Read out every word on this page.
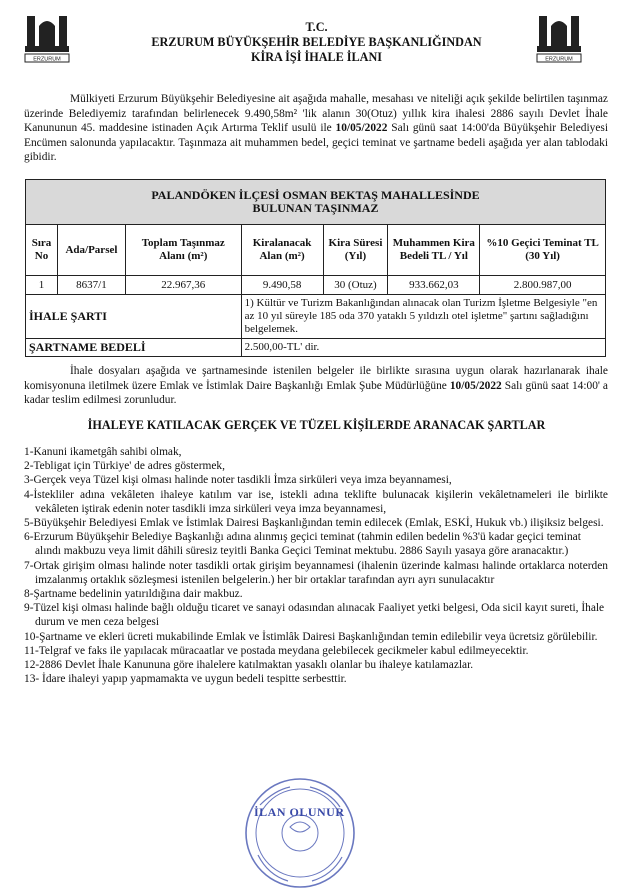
ERZURUM	ERZURUM
T.C.
ERZURUM BÜYÜKŞEHİR BELEDİYE BAŞKANLIĞINDAN
KİRA İŞİ İHALE İLANI
Mülkiyeti Erzurum Büyükşehir Belediyesine ait aşağıda mahalle, mesahası ve niteliği açık şekilde belirtilen taşınmaz üzerinde Belediyemiz tarafından belirlenecek 9.490,58m² 'lik alanın 30(Otuz) yıllık kira ihalesi 2886 sayılı Devlet İhale Kanununun 45. maddesine istinaden Açık Artırma Teklif usulü ile 10/05/2022 Salı günü saat 14:00'da Büyükşehir Belediyesi Encümen salonunda yapılacaktır. Taşınmaza ait muhammen bedel, geçici teminat ve şartname bedeli aşağıda yer alan tablodaki gibidir.
PALANDÖKEN İLÇESİ OSMAN BEKTAŞ MAHALLESİNDE
BULUNAN TAŞINMAZ						

Sıra No	Ada/Parsel	Toplam Taşınmaz Alanı (m²)	Kiralanacak Alan (m²)	Kira Süresi (Yıl)	Muhammen Kira Bedeli TL / Yıl	%10 Geçici Teminat TL (30 Yıl)
1	8637/1	22.967,36	9.490,58	30 (Otuz)	933.662,03	2.800.987,00
İHALE ŞARTI			1) Kültür ve Turizm Bakanlığından alınacak olan Turizm İşletme Belgesiyle "en az 10 yıl süreyle 185 oda 370 yataklı 5 yıldızlı otel işletme" şartını sağladığını belgelemek.			
ŞARTNAME BEDELİ			2.500,00-TL' dir.			
İhale dosyaları aşağıda ve şartnamesinde istenilen belgeler ile birlikte sırasına uygun olarak hazırlanarak ihale komisyonuna iletilmek üzere Emlak ve İstimlak Daire Başkanlığı Emlak Şube Müdürlüğüne 10/05/2022 Salı günü saat 14:00' a kadar teslim edilmesi zorunludur.
İHALEYE KATILACAK GERÇEK VE TÜZEL KİŞİLERDE ARANACAK ŞARTLAR

1-Kanuni ikametgâh sahibi olmak,

2-Tebligat için Türkiye' de adres göstermek,

3-Gerçek veya Tüzel kişi olması halinde noter tasdikli İmza sirküleri veya imza beyannamesi,

4-İstekliler adına vekâleten ihaleye katılım var ise, istekli adına teklifte bulunacak kişilerin vekâletnameleri ile birlikte vekâleten iştirak edenin noter tasdikli imza sirküleri veya imza beyannamesi,

5-Büyükşehir Belediyesi Emlak ve İstimlak Dairesi Başkanlığından temin edilecek (Emlak, ESKİ, Hukuk vb.) ilişiksiz belgesi.

6-Erzurum Büyükşehir Belediye Başkanlığı adına alınmış geçici teminat (tahmin edilen bedelin %3'ü kadar geçici teminat alındı makbuzu veya limit dâhili süresiz teyitli Banka Geçici Teminat mektubu. 2886 Sayılı yasaya göre aranacaktır.)

7-Ortak girişim olması halinde noter tasdikli ortak girişim beyannamesi (ihalenin üzerinde kalması halinde ortaklarca noterden imzalanmış ortaklık sözleşmesi istenilen belgelerin.) her bir ortaklar tarafından ayrı ayrı sunulacaktır

8-Şartname bedelinin yatırıldığına dair makbuz.

9-Tüzel kişi olması halinde bağlı olduğu ticaret ve sanayi odasından alınacak Faaliyet yetki belgesi, Oda sicil kayıt sureti, İhale durum ve men ceza belgesi

10-Şartname ve ekleri ücreti mukabilinde Emlak ve İstimlâk Dairesi Başkanlığından temin edilebilir veya ücretsiz görülebilir.

11-Telgraf ve faks ile yapılacak müracaatlar ve postada meydana gelebilecek gecikmeler kabul edilmeyecektir.

12-2886 Devlet İhale Kanununa göre ihalelere katılmaktan yasaklı olanlar bu ihaleye katılamazlar.

13- İdare ihaleyi yapıp yapmamakta ve uygun bedeli tespitte serbesttir.

İLAN OLUNUR
